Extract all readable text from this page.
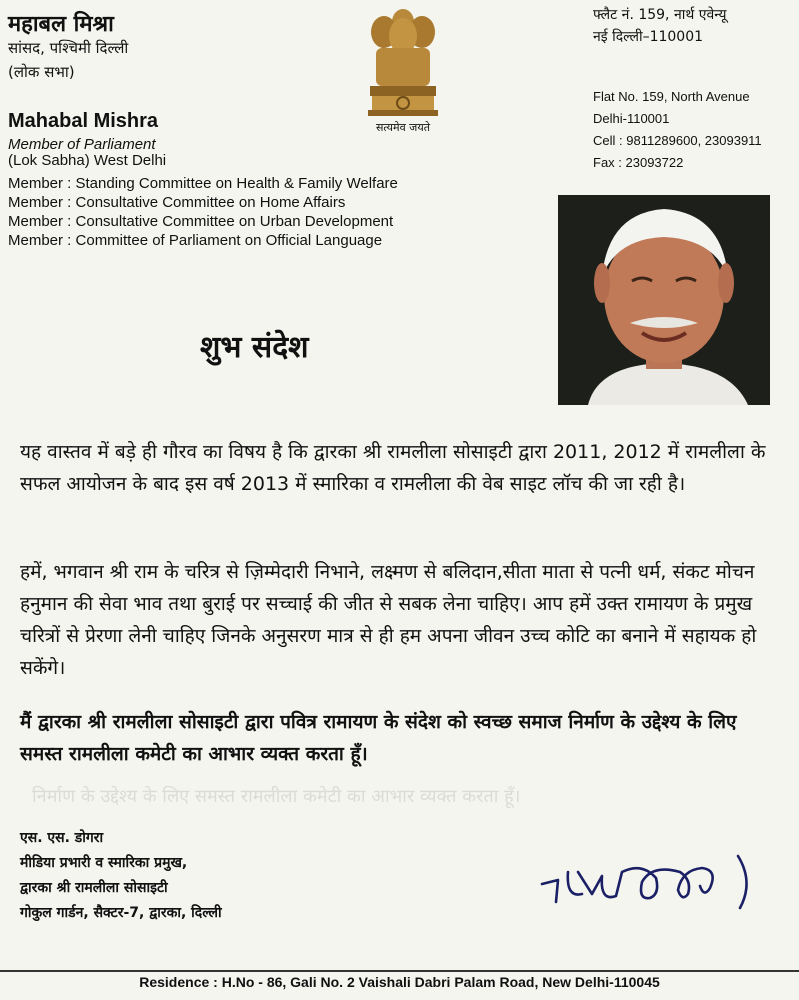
महाबल मिश्रा
सांसद, पश्चिमी दिल्ली
(लोक सभा)
Mahabal Mishra
Member of Parliament
(Lok Sabha) West Delhi
Member : Standing Committee on Health & Family Welfare
Member : Consultative Committee on Home Affairs
Member : Consultative Committee on Urban Development
Member : Committee of Parliament on Official Language
सत्यमेव जयते
फ्लैट नं. 159, नार्थ एवेन्यू
नई दिल्ली–110001
Flat No. 159, North Avenue
Delhi-110001
Cell : 9811289600, 23093911
Fax : 23093722
शुभ संदेश
यह वास्तव में बड़े ही गौरव का विषय है कि द्वारका श्री रामलीला सोसाइटी द्वारा 2011, 2012 में रामलीला के सफल आयोजन के बाद इस वर्ष 2013 में स्मारिका व रामलीला की वेब साइट लॉच की जा रही है।
हमें, भगवान श्री राम के चरित्र से ज़िम्मेदारी निभाने, लक्ष्मण से बलिदान,सीता माता से पत्नी धर्म, संकट मोचन हनुमान की सेवा भाव तथा बुराई पर सच्चाई की जीत से सबक लेना चाहिए। आप हमें उक्त रामायण के प्रमुख चरित्रों से प्रेरणा लेनी चाहिए जिनके अनुसरण मात्र से ही हम अपना जीवन उच्च कोटि का बनाने में सहायक हो सकेंगे।
मैं द्वारका श्री रामलीला सोसाइटी द्वारा पवित्र रामायण के संदेश को स्वच्छ समाज निर्माण के उद्देश्य के लिए समस्त रामलीला कमेटी का आभार व्यक्त करता हूँ।
निर्माण के उद्देश्य के लिए समस्त रामलीला कमेटी का आभार व्यक्त करता हूँ।
एस. एस. डोगरा
मीडिया प्रभारी व स्मारिका प्रमुख,
द्वारका श्री रामलीला सोसाइटी
गोकुल गार्डन, सैक्टर-7, द्वारका, दिल्ली
Residence : H.No - 86, Gali No. 2 Vaishali Dabri Palam Road, New Delhi-110045
